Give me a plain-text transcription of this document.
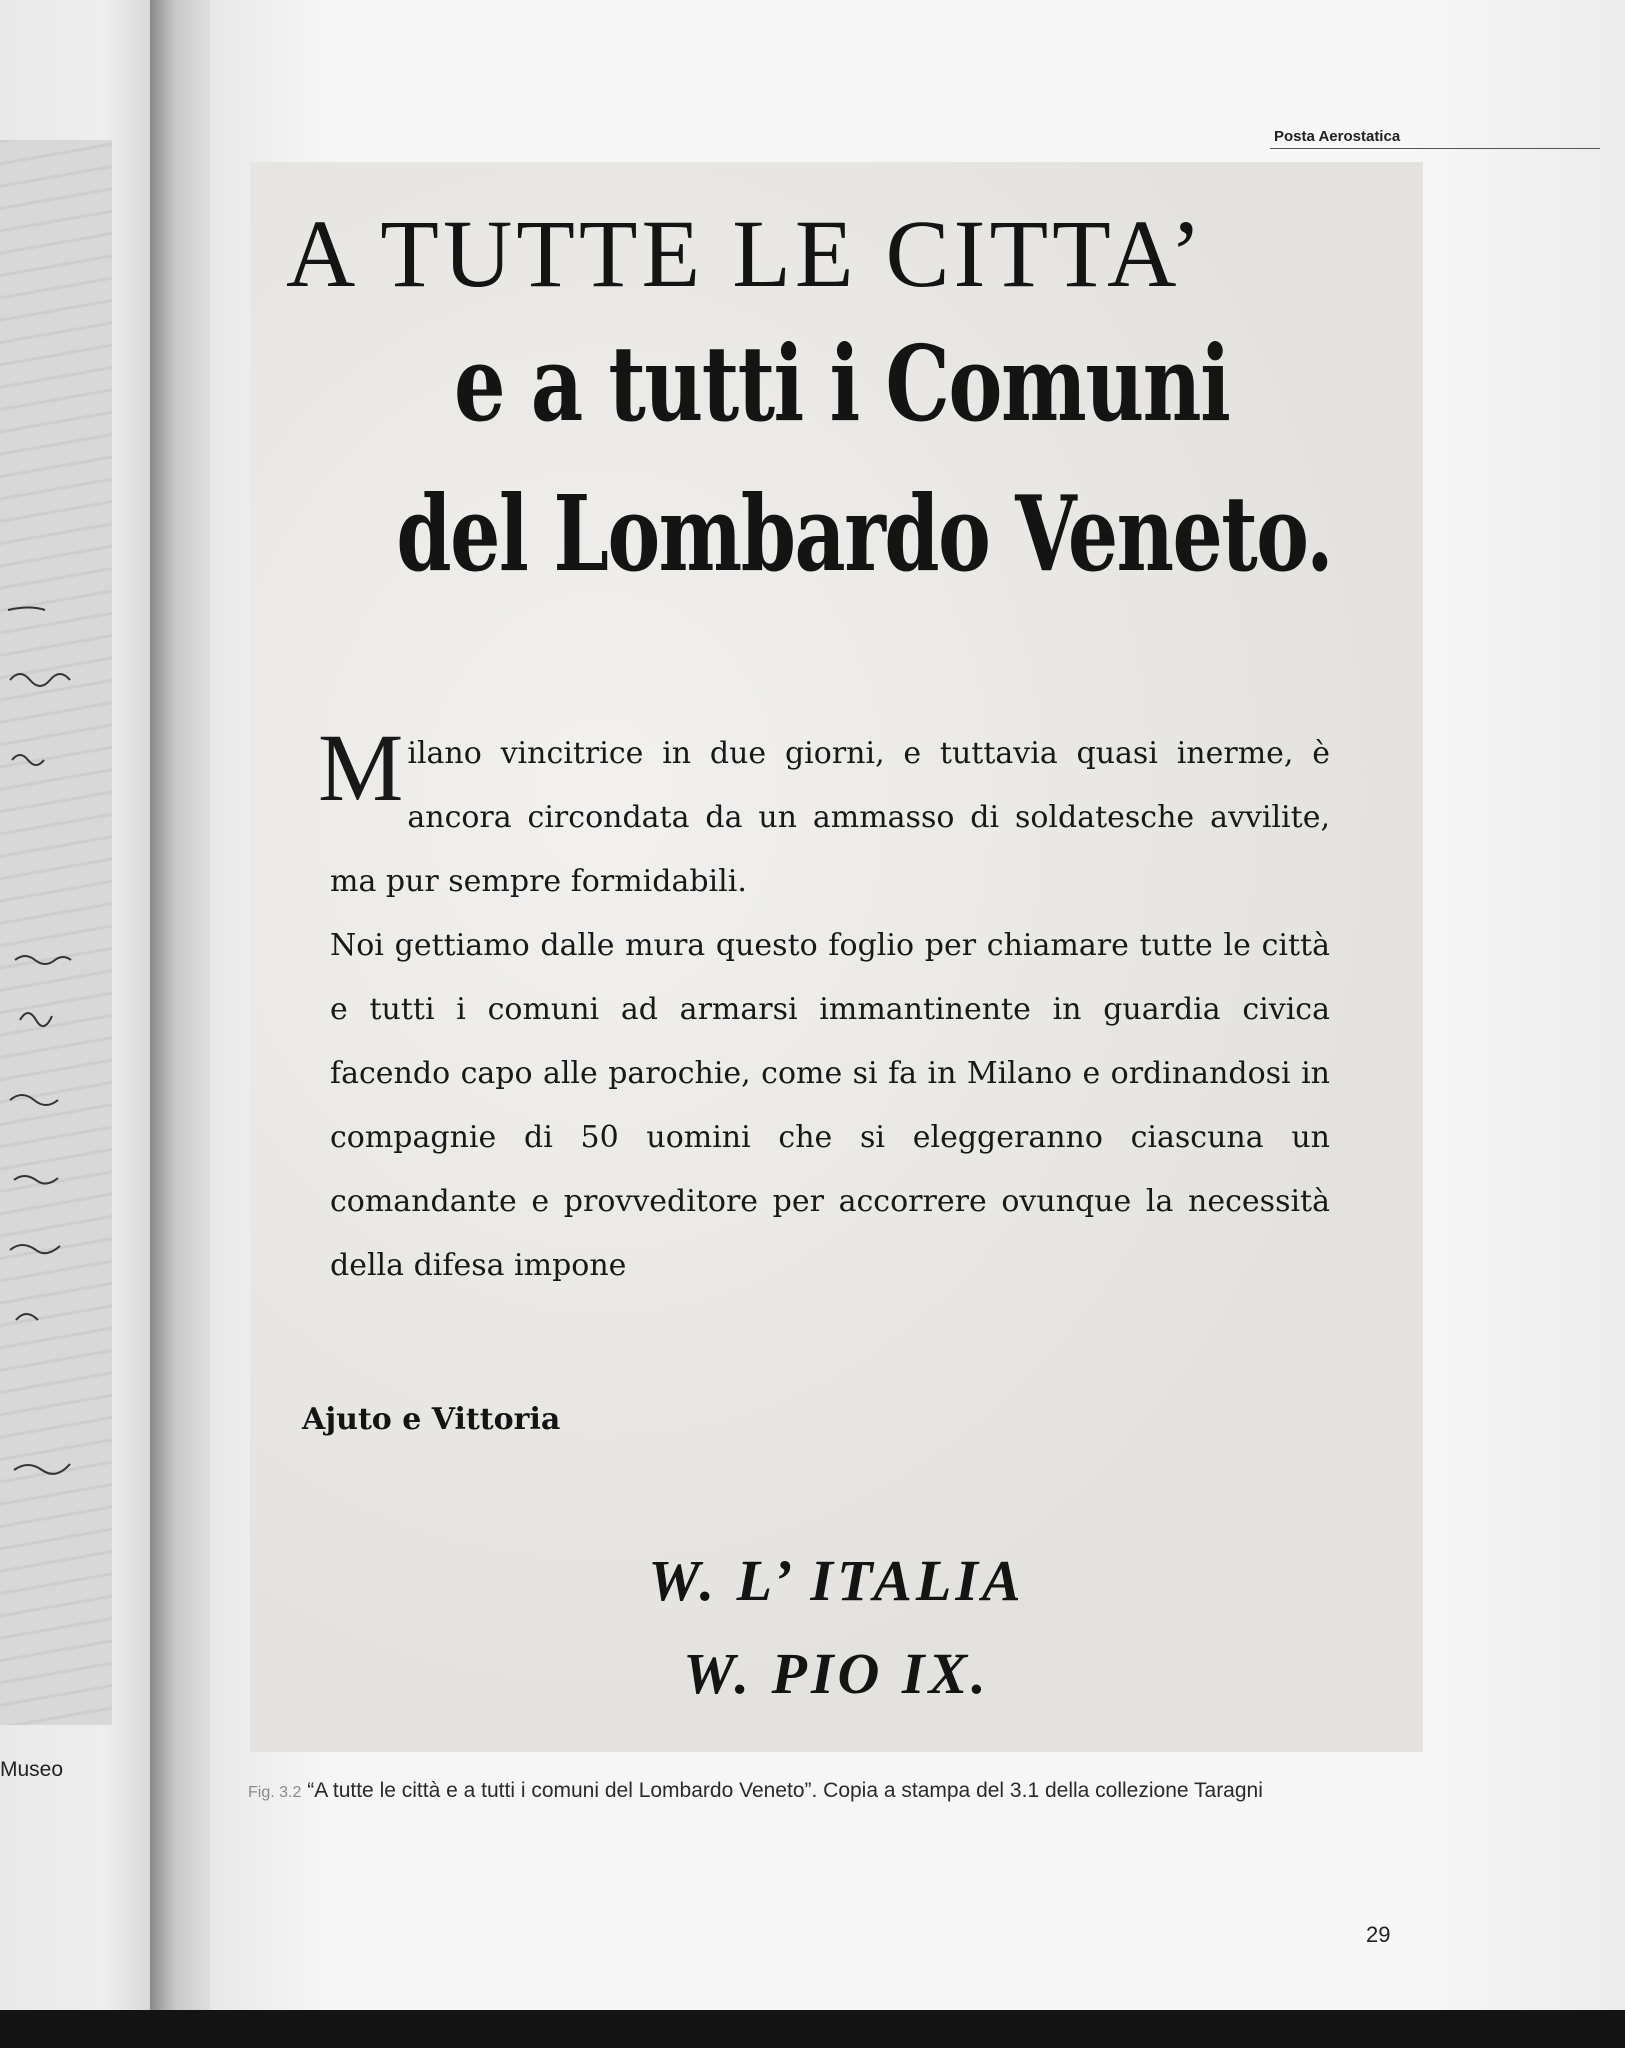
Museo
Posta Aerostatica
A TUTTE LE CITTA’
e a tutti i Comuni
del Lombardo Veneto.
M ilano vincitrice in due giorni, e tuttavia quasi inerme, è ancora circondata da un ammasso di soldatesche avvilite, ma pur sempre formidabili.

Noi gettiamo dalle mura questo foglio per chiamare tutte le città e tutti i comuni ad armarsi immantinente in guardia civica facendo capo alle parochie, come si fa in Milano e ordinandosi in compagnie di 50 uomini che si eleggeranno ciascuna un comandante e provveditore per accorrere ovunque la necessità della difesa impone

Ajuto e Vittoria
W. L’ ITALIA
W. PIO IX.
Fig. 3.2 “A tutte le città e a tutti i comuni del Lombardo Veneto”. Copia a stampa del 3.1 della collezione Taragni
29
